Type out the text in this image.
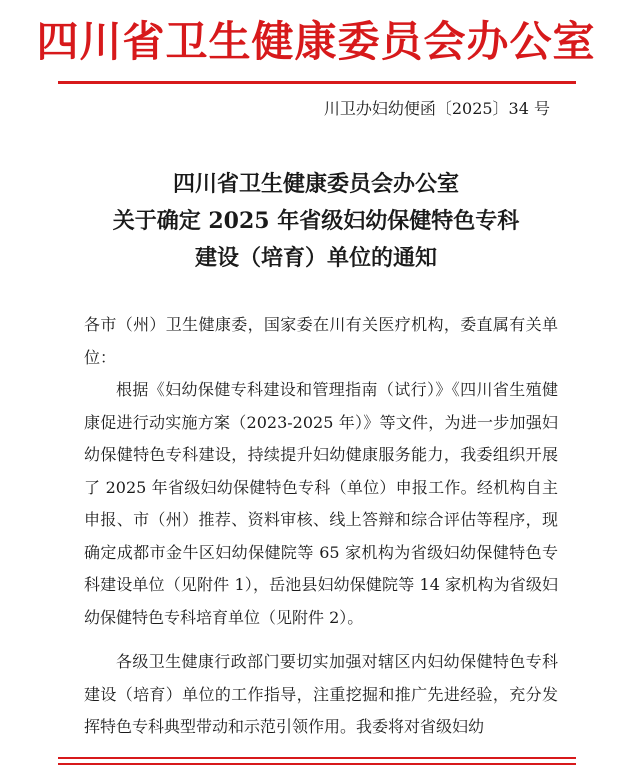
四川省卫生健康委员会办公室
川卫办妇幼便函〔2025〕34 号
四川省卫生健康委员会办公室
关于确定 2025 年省级妇幼保健特色专科
建设（培育）单位的通知

各市（州）卫生健康委，国家委在川有关医疗机构，委直属有关单位：

根据《妇幼保健专科建设和管理指南（试行）》《四川省生殖健康促进行动实施方案（2023-2025 年）》等文件，为进一步加强妇幼保健特色专科建设，持续提升妇幼健康服务能力，我委组织开展了 2025 年省级妇幼保健特色专科（单位）申报工作。经机构自主申报、市（州）推荐、资料审核、线上答辩和综合评估等程序，现确定成都市金牛区妇幼保健院等 65 家机构为省级妇幼保健特色专科建设单位（见附件 1），岳池县妇幼保健院等 14 家机构为省级妇幼保健特色专科培育单位（见附件 2）。

各级卫生健康行政部门要切实加强对辖区内妇幼保健特色专科建设（培育）单位的工作指导，注重挖掘和推广先进经验，充分发挥特色专科典型带动和示范引领作用。我委将对省级妇幼
